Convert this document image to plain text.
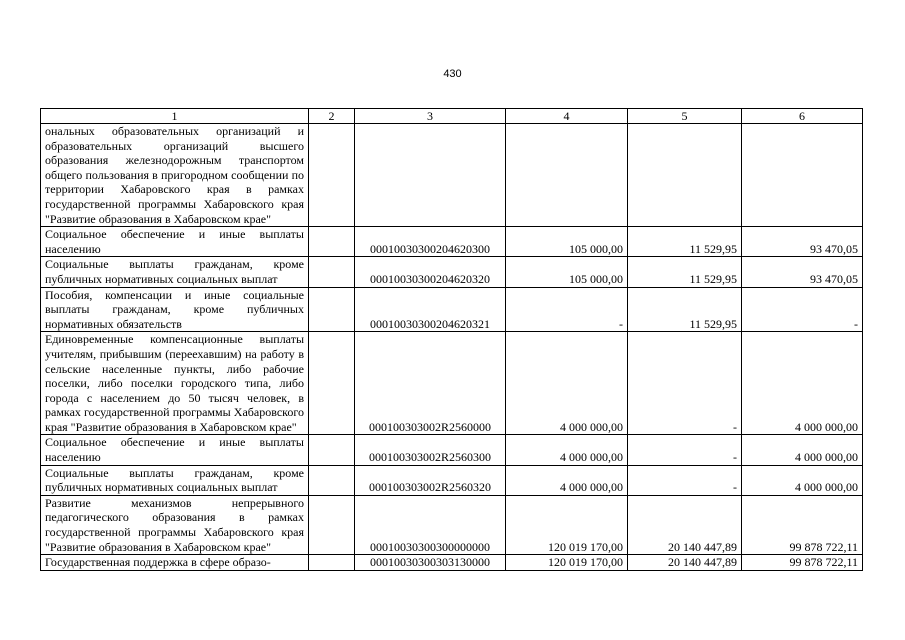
430
1	2	3	4	5	6
ональных образовательных организаций и образовательных организаций высшего образования железнодорожным транспортом общего пользования в пригородном сообщении по территории Хабаровского края в рамках государственной программы Хабаровского края "Развитие образования в Хабаровском крае"					
Социальное обеспечение и иные выплаты населению		00010030300204620300	105 000,00	11 529,95	93 470,05
Социальные выплаты гражданам, кроме публичных нормативных социальных выплат		00010030300204620320	105 000,00	11 529,95	93 470,05
Пособия, компенсации и иные социальные выплаты гражданам, кроме публичных нормативных обязательств		00010030300204620321	-	11 529,95	-
Единовременные компенсационные выплаты учителям, прибывшим (переехавшим) на работу в сельские населенные пункты, либо рабочие поселки, либо поселки городского типа, либо города с населением до 50 тысяч человек, в рамках государственной программы Хабаровского края "Развитие образования в Хабаровском крае"		000100303002R2560000	4 000 000,00	-	4 000 000,00
Социальное обеспечение и иные выплаты населению		000100303002R2560300	4 000 000,00	-	4 000 000,00
Социальные выплаты гражданам, кроме публичных нормативных социальных выплат		000100303002R2560320	4 000 000,00	-	4 000 000,00
Развитие механизмов непрерывного педагогического образования в рамках государственной программы Хабаровского края "Развитие образования в Хабаровском крае"		00010030300300000000	120 019 170,00	20 140 447,89	99 878 722,11
Государственная поддержка в сфере образо-		00010030300303130000	120 019 170,00	20 140 447,89	99 878 722,11
